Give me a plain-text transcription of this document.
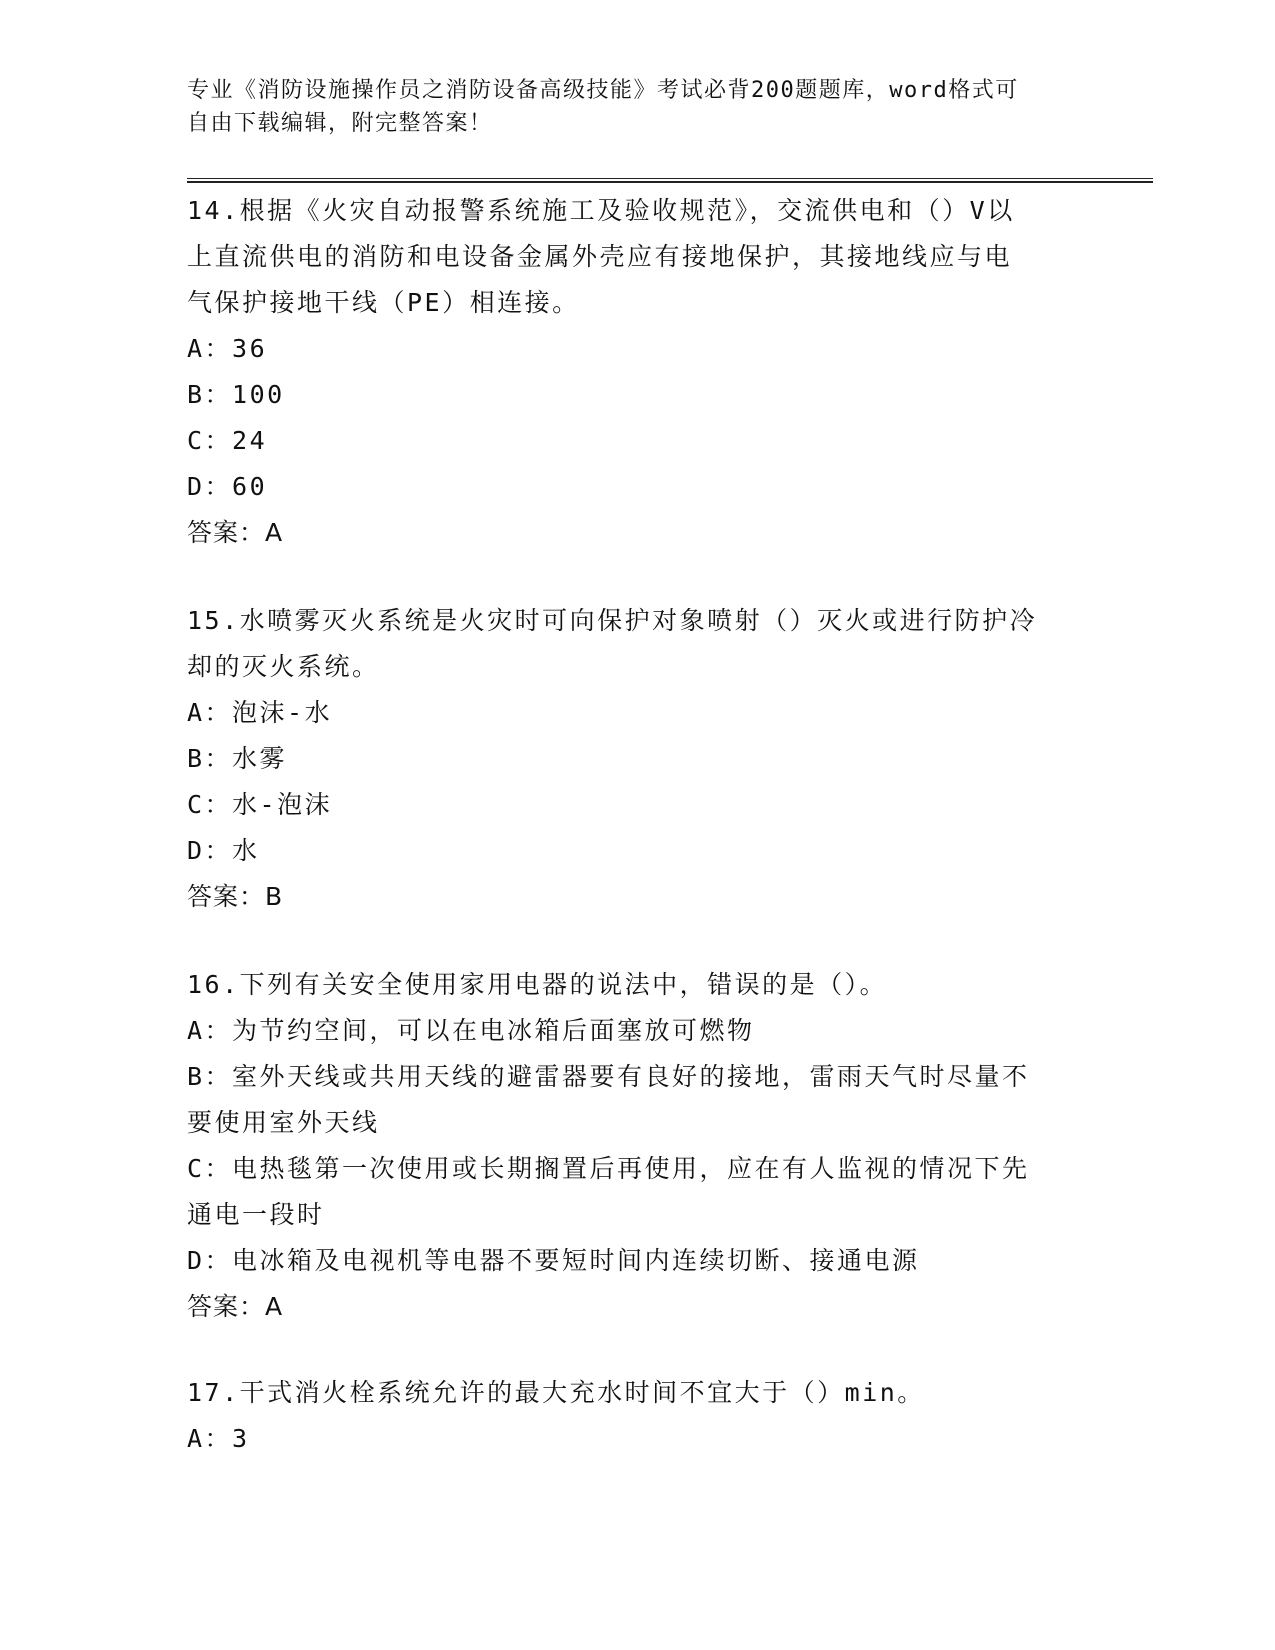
专业《消防设施操作员之消防设备高级技能》考试必背200题题库，word格式可
自由下载编辑，附完整答案！
14.根据《火灾自动报警系统施工及验收规范》，交流供电和（）V以
上直流供电的消防和电设备金属外壳应有接地保护，其接地线应与电
气保护接地干线（PE）相连接。
A：36
B：100
C：24
D：60
答案：A
15.水喷雾灭火系统是火灾时可向保护对象喷射（）灭火或进行防护冷
却的灭火系统。
A：泡沫-水
B：水雾
C：水-泡沫
D：水
答案：B
16.下列有关安全使用家用电器的说法中，错误的是（）。
A：为节约空间，可以在电冰箱后面塞放可燃物
B：室外天线或共用天线的避雷器要有良好的接地，雷雨天气时尽量不
要使用室外天线
C：电热毯第一次使用或长期搁置后再使用，应在有人监视的情况下先
通电一段时
D：电冰箱及电视机等电器不要短时间内连续切断、接通电源
答案：A
17.干式消火栓系统允许的最大充水时间不宜大于（）min。
A：3
